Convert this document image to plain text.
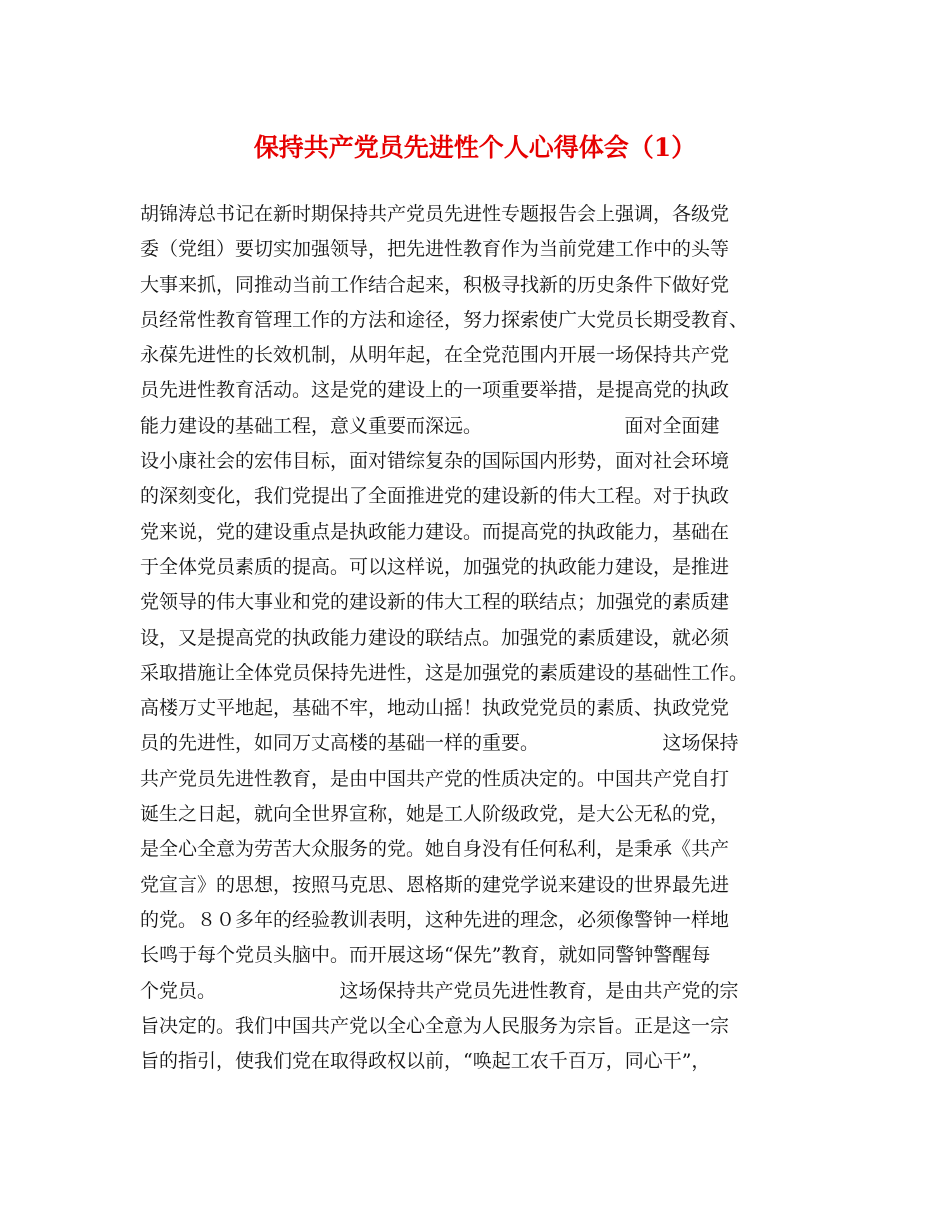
保持共产党员先进性个人心得体会（1）
胡锦涛总书记在新时期保持共产党员先进性专题报告会上强调，各级党
委（党组）要切实加强领导，把先进性教育作为当前党建工作中的头等
大事来抓，同推动当前工作结合起来，积极寻找新的历史条件下做好党
员经常性教育管理工作的方法和途径，努力探索使广大党员长期受教育、
永葆先进性的长效机制，从明年起，在全党范围内开展一场保持共产党
员先进性教育活动。这是党的建设上的一项重要举措，是提高党的执政
能力建设的基础工程，意义重要而深远。　　　　　　　　面对全面建
设小康社会的宏伟目标，面对错综复杂的国际国内形势，面对社会环境
的深刻变化，我们党提出了全面推进党的建设新的伟大工程。对于执政
党来说，党的建设重点是执政能力建设。而提高党的执政能力，基础在
于全体党员素质的提高。可以这样说，加强党的执政能力建设，是推进
党领导的伟大事业和党的建设新的伟大工程的联结点；加强党的素质建
设，又是提高党的执政能力建设的联结点。加强党的素质建设，就必须
采取措施让全体党员保持先进性，这是加强党的素质建设的基础性工作。
高楼万丈平地起，基础不牢，地动山摇！执政党党员的素质、执政党党
员的先进性，如同万丈高楼的基础一样的重要。　　　　　　　这场保持
共产党员先进性教育，是由中国共产党的性质决定的。中国共产党自打
诞生之日起，就向全世界宣称，她是工人阶级政党，是大公无私的党，
是全心全意为劳苦大众服务的党。她自身没有任何私利，是秉承《共产
党宣言》的思想，按照马克思、恩格斯的建党学说来建设的世界最先进
的党。８０多年的经验教训表明，这种先进的理念，必须像警钟一样地
长鸣于每个党员头脑中。而开展这场“保先”教育，就如同警钟警醒每
个党员。　　　　　　　这场保持共产党员先进性教育，是由共产党的宗
旨决定的。我们中国共产党以全心全意为人民服务为宗旨。正是这一宗
旨的指引，使我们党在取得政权以前，“唤起工农千百万，同心干”，
